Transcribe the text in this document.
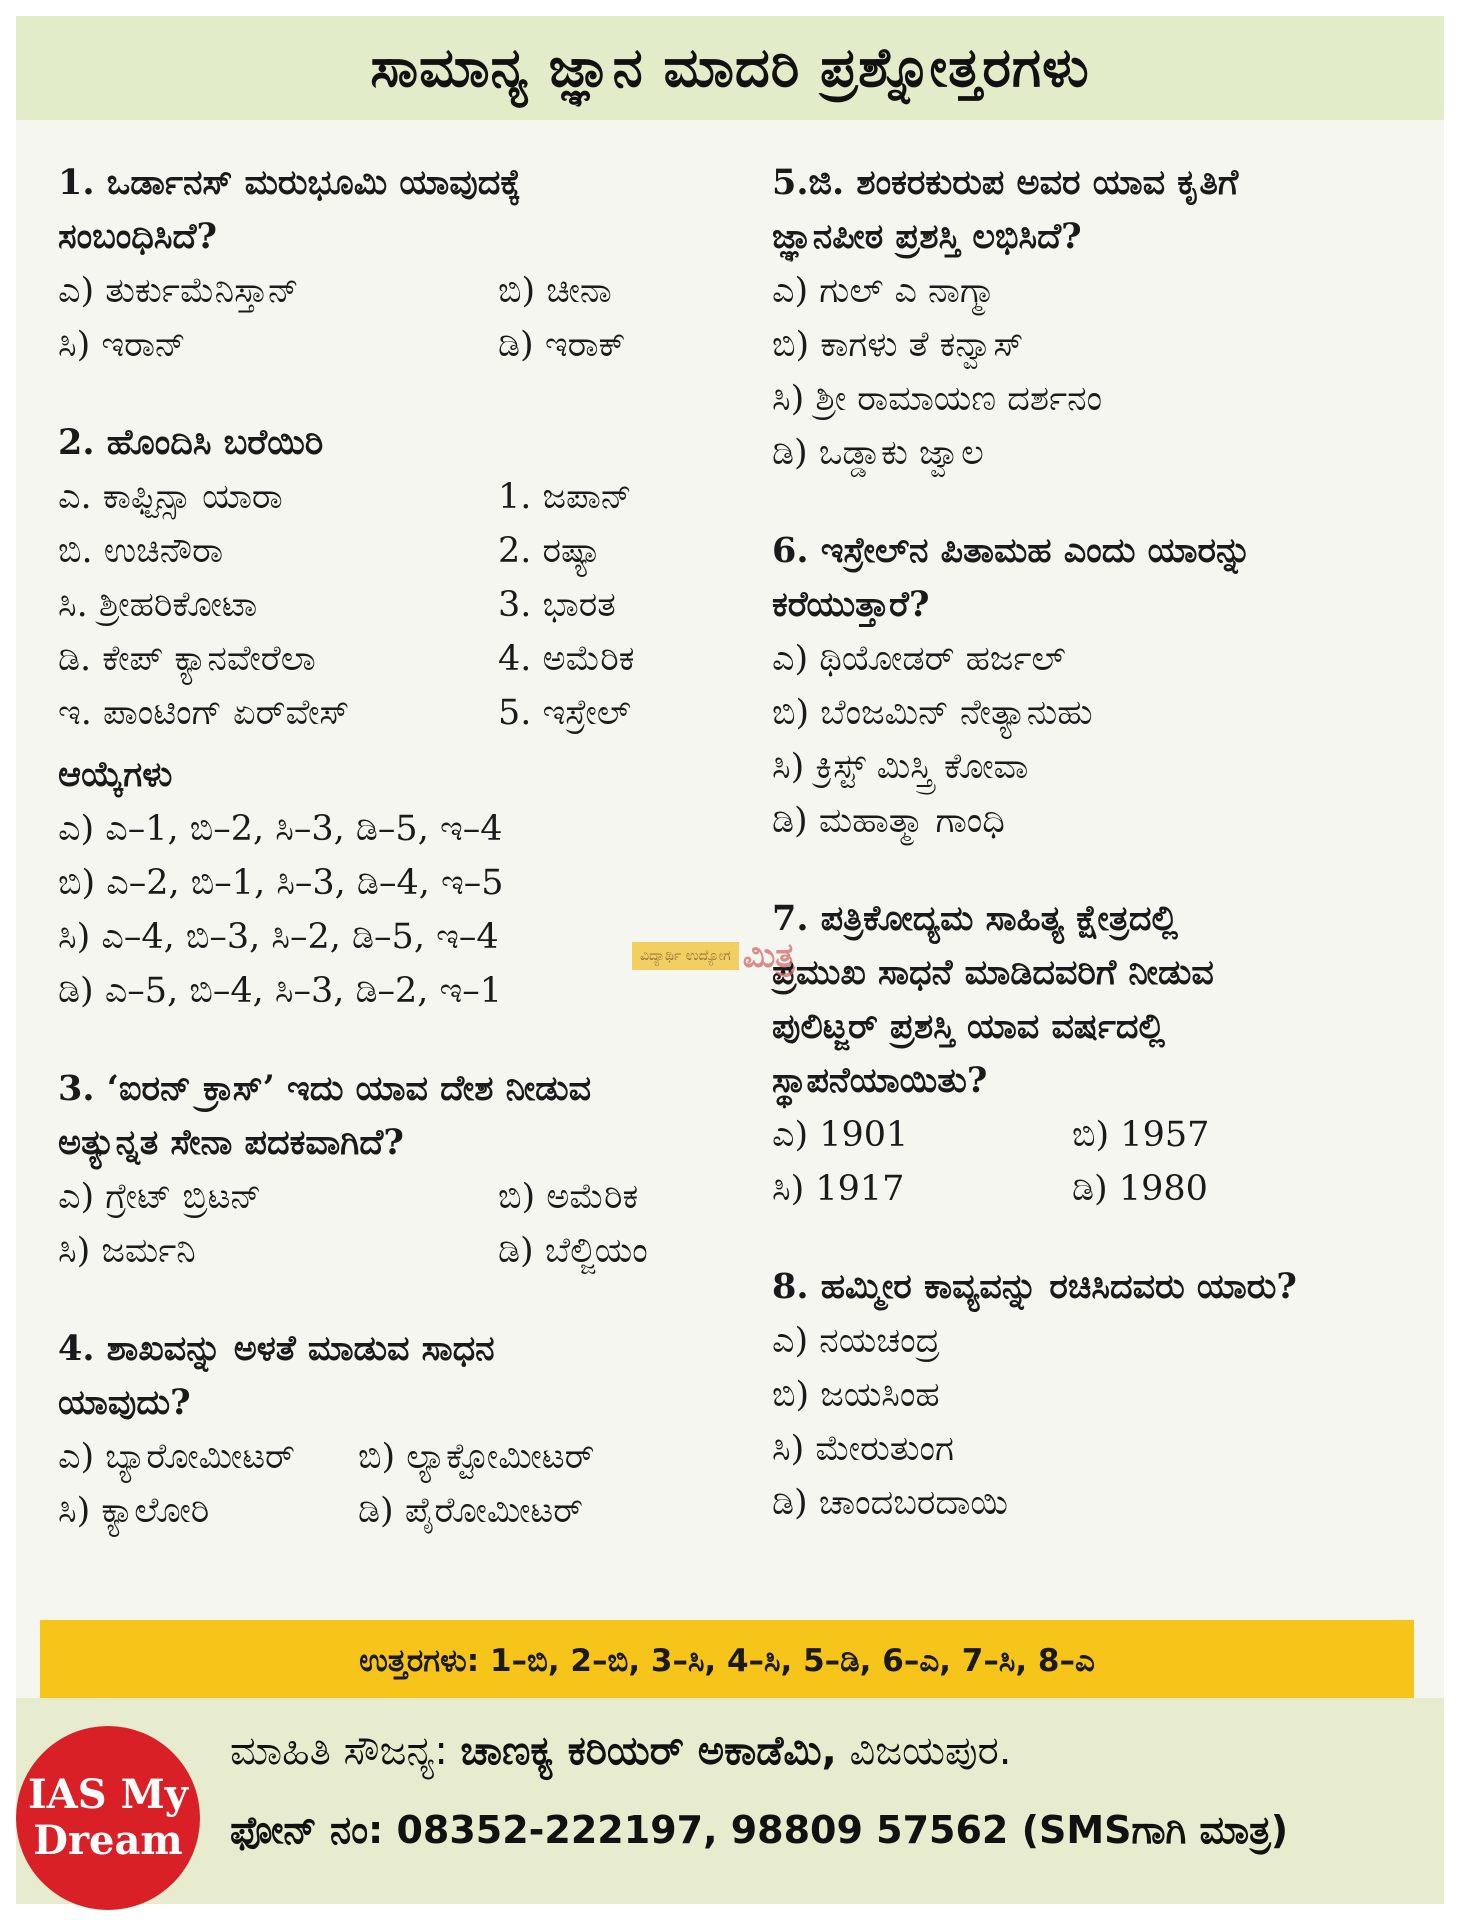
ಸಾಮಾನ್ಯ ಜ್ಞಾನ ಮಾದರಿ ಪ್ರಶ್ನೋತ್ತರಗಳು
1. ಒರ್ಡಾನಸ್ ಮರುಭೂಮಿ ಯಾವುದಕ್ಕೆ
ಸಂಬಂಧಿಸಿದೆ?
ಎ) ತುರ್ಕುಮೆನಿಸ್ತಾನ್	ಬಿ) ಚೀನಾ
ಸಿ) ಇರಾನ್	ಡಿ) ಇರಾಕ್
2. ಹೊಂದಿಸಿ ಬರೆಯಿರಿ
ಎ. ಕಾಫ್ಟಿನ್ಸಾ ಯಾರಾ	1. ಜಪಾನ್
ಬಿ. ಉಚಿನೌರಾ	2. ರಷ್ಯಾ
ಸಿ. ಶ್ರೀಹರಿಕೋಟಾ	3. ಭಾರತ
ಡಿ. ಕೇಪ್ ಕ್ಯಾನವೇರೆಲಾ	4. ಅಮೆರಿಕ
ಇ. ಪಾಂಟಿಂಗ್ ಏರ್‌ವೇಸ್	5. ಇಸ್ರೇಲ್
ಆಯ್ಕೆಗಳು
ಎ) ಎ–1, ಬಿ–2, ಸಿ–3, ಡಿ–5, ಇ–4
ಬಿ) ಎ–2, ಬಿ–1, ಸಿ–3, ಡಿ–4, ಇ–5
ಸಿ) ಎ–4, ಬಿ–3, ಸಿ–2, ಡಿ–5, ಇ–4
ಡಿ) ಎ–5, ಬಿ–4, ಸಿ–3, ಡಿ–2, ಇ–1
3. ‘ಐರನ್ ಕ್ರಾಸ್’ ಇದು ಯಾವ ದೇಶ ನೀಡುವ
ಅತ್ಯುನ್ನತ ಸೇನಾ ಪದಕವಾಗಿದೆ?
ಎ) ಗ್ರೇಟ್ ಬ್ರಿಟನ್	ಬಿ) ಅಮೆರಿಕ
ಸಿ) ಜರ್ಮನಿ	ಡಿ) ಬೆಲ್ಜಿಯಂ
4. ಶಾಖವನ್ನು ಅಳತೆ ಮಾಡುವ ಸಾಧನ
ಯಾವುದು?
ಎ) ಬ್ಯಾರೋಮೀಟರ್	ಬಿ) ಲ್ಯಾಕ್ಟೋಮೀಟರ್
ಸಿ) ಕ್ಯಾಲೋರಿ	ಡಿ) ಪೈರೋಮೀಟರ್
5.ಜಿ. ಶಂಕರಕುರುಪ ಅವರ ಯಾವ ಕೃತಿಗೆ
ಜ್ಞಾನಪೀಠ ಪ್ರಶಸ್ತಿ ಲಭಿಸಿದೆ?
ಎ) ಗುಲ್ ಎ ನಾಗ್ಮಾ
ಬಿ) ಕಾಗಳು ತೆ ಕನ್ವಾಸ್
ಸಿ) ಶ್ರೀ ರಾಮಾಯಣ ದರ್ಶನಂ
ಡಿ) ಒಡ್ಡಾಕು ಜ್ವಾಲ
6. ಇಸ್ರೇಲ್‌ನ ಪಿತಾಮಹ ಎಂದು ಯಾರನ್ನು
ಕರೆಯುತ್ತಾರೆ?
ಎ) ಥಿಯೋಡರ್ ಹರ್ಜಲ್
ಬಿ) ಬೆಂಜಮಿನ್ ನೇತ್ಯಾನುಹು
ಸಿ) ಕ್ರಿಸ್ಟ್ ಮಿಸ್ತ್ರಿ ಕೋವಾ
ಡಿ) ಮಹಾತ್ಮಾ ಗಾಂಧಿ
7. ಪತ್ರಿಕೋದ್ಯಮ ಸಾಹಿತ್ಯ ಕ್ಷೇತ್ರದಲ್ಲಿ
ಪ್ರಮುಖ ಸಾಧನೆ ಮಾಡಿದವರಿಗೆ ನೀಡುವ
ಪುಲಿಟ್ಜರ್ ಪ್ರಶಸ್ತಿ ಯಾವ ವರ್ಷದಲ್ಲಿ
ಸ್ಥಾಪನೆಯಾಯಿತು?
ಎ) 1901	ಬಿ) 1957
ಸಿ) 1917	ಡಿ) 1980
8. ಹಮ್ಮೀರ ಕಾವ್ಯವನ್ನು ರಚಿಸಿದವರು ಯಾರು?
ಎ) ನಯಚಂದ್ರ
ಬಿ) ಜಯಸಿಂಹ
ಸಿ) ಮೇರುತುಂಗ
ಡಿ) ಚಾಂದಬರದಾಯಿ
ವಿದ್ಯಾರ್ಥಿ ಉದ್ಯೋಗ ಮಿತ್ರ
ಉತ್ತರಗಳು: 1–ಬಿ, 2–ಬಿ, 3–ಸಿ, 4–ಸಿ, 5–ಡಿ, 6–ಎ, 7–ಸಿ, 8–ಎ
IAS My
Dream
ಮಾಹಿತಿ ಸೌಜನ್ಯ: ಚಾಣಕ್ಯ ಕರಿಯರ್ ಅಕಾಡೆಮಿ, ವಿಜಯಪುರ.
ಫೋನ್ ನಂ: 08352-222197, 98809 57562 (SMSಗಾಗಿ ಮಾತ್ರ)
